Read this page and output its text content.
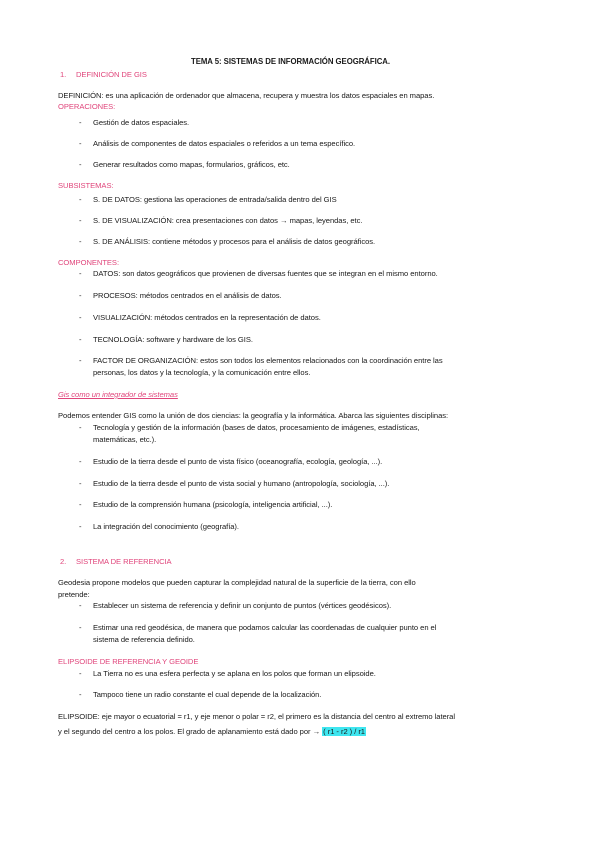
TEMA 5: SISTEMAS DE INFORMACIÓN GEOGRÁFICA.
1. DEFINICIÓN DE GIS
DEFINICIÓN: es una aplicación de ordenador que almacena, recupera y muestra los datos espaciales en mapas.
OPERACIONES:
- Gestión de datos espaciales.
- Análisis de componentes de datos espaciales o referidos a un tema específico.
- Generar resultados como mapas, formularios, gráficos, etc.
SUBSISTEMAS:
- S. DE DATOS: gestiona las operaciones de entrada/salida dentro del GIS
- S. DE VISUALIZACIÓN: crea presentaciones con datos → mapas, leyendas, etc.
- S. DE ANÁLISIS: contiene métodos y procesos para el análisis de datos geográficos.
COMPONENTES:
- DATOS: son datos geográficos que provienen de diversas fuentes que se integran en el mismo entorno.
- PROCESOS: métodos centrados en el análisis de datos.
- VISUALIZACIÓN: métodos centrados en la representación de datos.
- TECNOLOGÍA: software y hardware de los GIS.
- FACTOR DE ORGANIZACIÓN: estos son todos los elementos relacionados con la coordinación entre las
personas, los datos y la tecnología, y la comunicación entre ellos.
Gis como un integrador de sistemas
Podemos entender GIS como la unión de dos ciencias: la geografía y la informática. Abarca las siguientes disciplinas:
- Tecnología y gestión de la información (bases de datos, procesamiento de imágenes, estadísticas,
matemáticas, etc.).
- Estudio de la tierra desde el punto de vista físico (oceanografía, ecología, geología, ...).
- Estudio de la tierra desde el punto de vista social y humano (antropología, sociología, ...).
- Estudio de la comprensión humana (psicología, inteligencia artificial, ...).
- La integración del conocimiento (geografía).
2. SISTEMA DE REFERENCIA
Geodesia propone modelos que pueden capturar la complejidad natural de la superficie de la tierra, con ello
pretende:
- Establecer un sistema de referencia y definir un conjunto de puntos (vértices geodésicos).
- Estimar una red geodésica, de manera que podamos calcular las coordenadas de cualquier punto en el
sistema de referencia definido.
ELIPSOIDE DE REFERENCIA Y GEOIDE
- La Tierra no es una esfera perfecta y se aplana en los polos que forman un elipsoide.
- Tampoco tiene un radio constante el cual depende de la localización.
ELIPSOIDE: eje mayor o ecuatorial = r1, y eje menor o polar = r2, el primero es la distancia del centro al extremo lateral
y el segundo del centro a los polos. El grado de aplanamiento está dado por → ( r1 - r2 ) / r1
